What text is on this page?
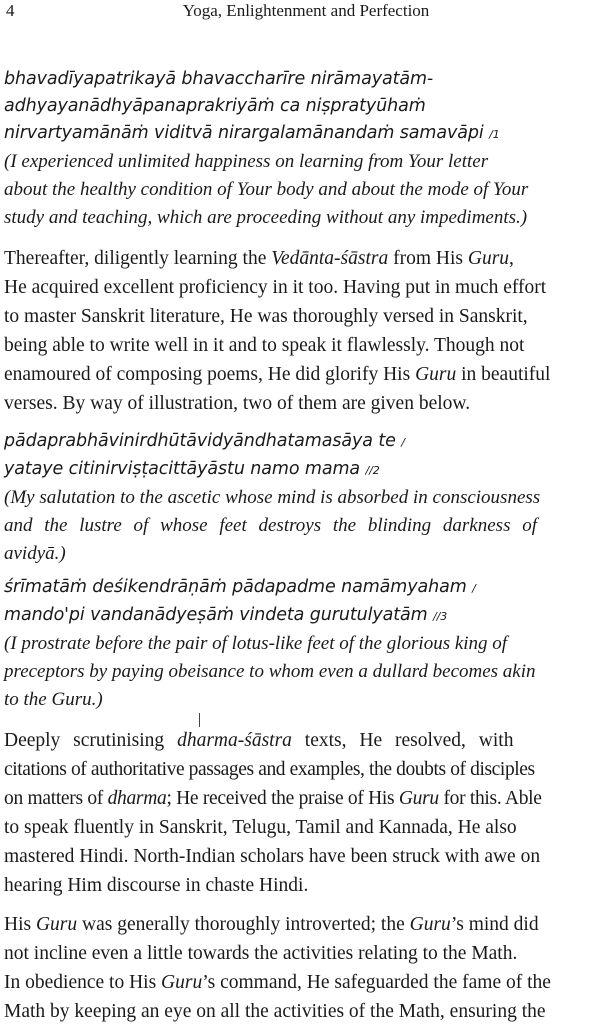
4	Yoga, Enlightenment and Perfection
bhavadīyapatrikayā bhavaccharīre nirāmayatām-
adhyayanādhyāpanaprakriyāṁ ca niṣpratyūhaṁ
nirvartyamānāṁ viditvā nirargalamānandaṁ samavāpi /1
(I experienced unlimited happiness on learning from Your letter
about the healthy condition of Your body and about the mode of Your
study and teaching, which are proceeding without any impediments.)
Thereafter, diligently learning the Vedānta-śāstra from His Guru,
He acquired excellent proficiency in it too. Having put in much effort
to master Sanskrit literature, He was thoroughly versed in Sanskrit,
being able to write well in it and to speak it flawlessly. Though not
enamoured of composing poems, He did glorify His Guru in beautiful
verses. By way of illustration, two of them are given below.
pādaprabhāvinirdhūtāvidyāndhatamasāya te /
yataye citinirviṣṭacittāyāstu namo mama //2
(My salutation to the ascetic whose mind is absorbed in consciousness
and the lustre of whose feet destroys the blinding darkness of
avidyā.)
śrīmatāṁ deśikendrāṇāṁ pādapadme namāmyaham /
mando'pi vandanādyeṣāṁ vindeta gurutulyatām //3
(I prostrate before the pair of lotus-like feet of the glorious king of
preceptors by paying obeisance to whom even a dullard becomes akin
to the Guru.)
Deeply scrutinising dharma-śāstra texts, He resolved, with
citations of authoritative passages and examples, the doubts of disciples
on matters of dharma; He received the praise of His Guru for this. Able
to speak fluently in Sanskrit, Telugu, Tamil and Kannada, He also
mastered Hindi. North-Indian scholars have been struck with awe on
hearing Him discourse in chaste Hindi.
His Guru was generally thoroughly introverted; the Guru’s mind did
not incline even a little towards the activities relating to the Math.
In obedience to His Guru’s command, He safeguarded the fame of the
Math by keeping an eye on all the activities of the Math, ensuring the
